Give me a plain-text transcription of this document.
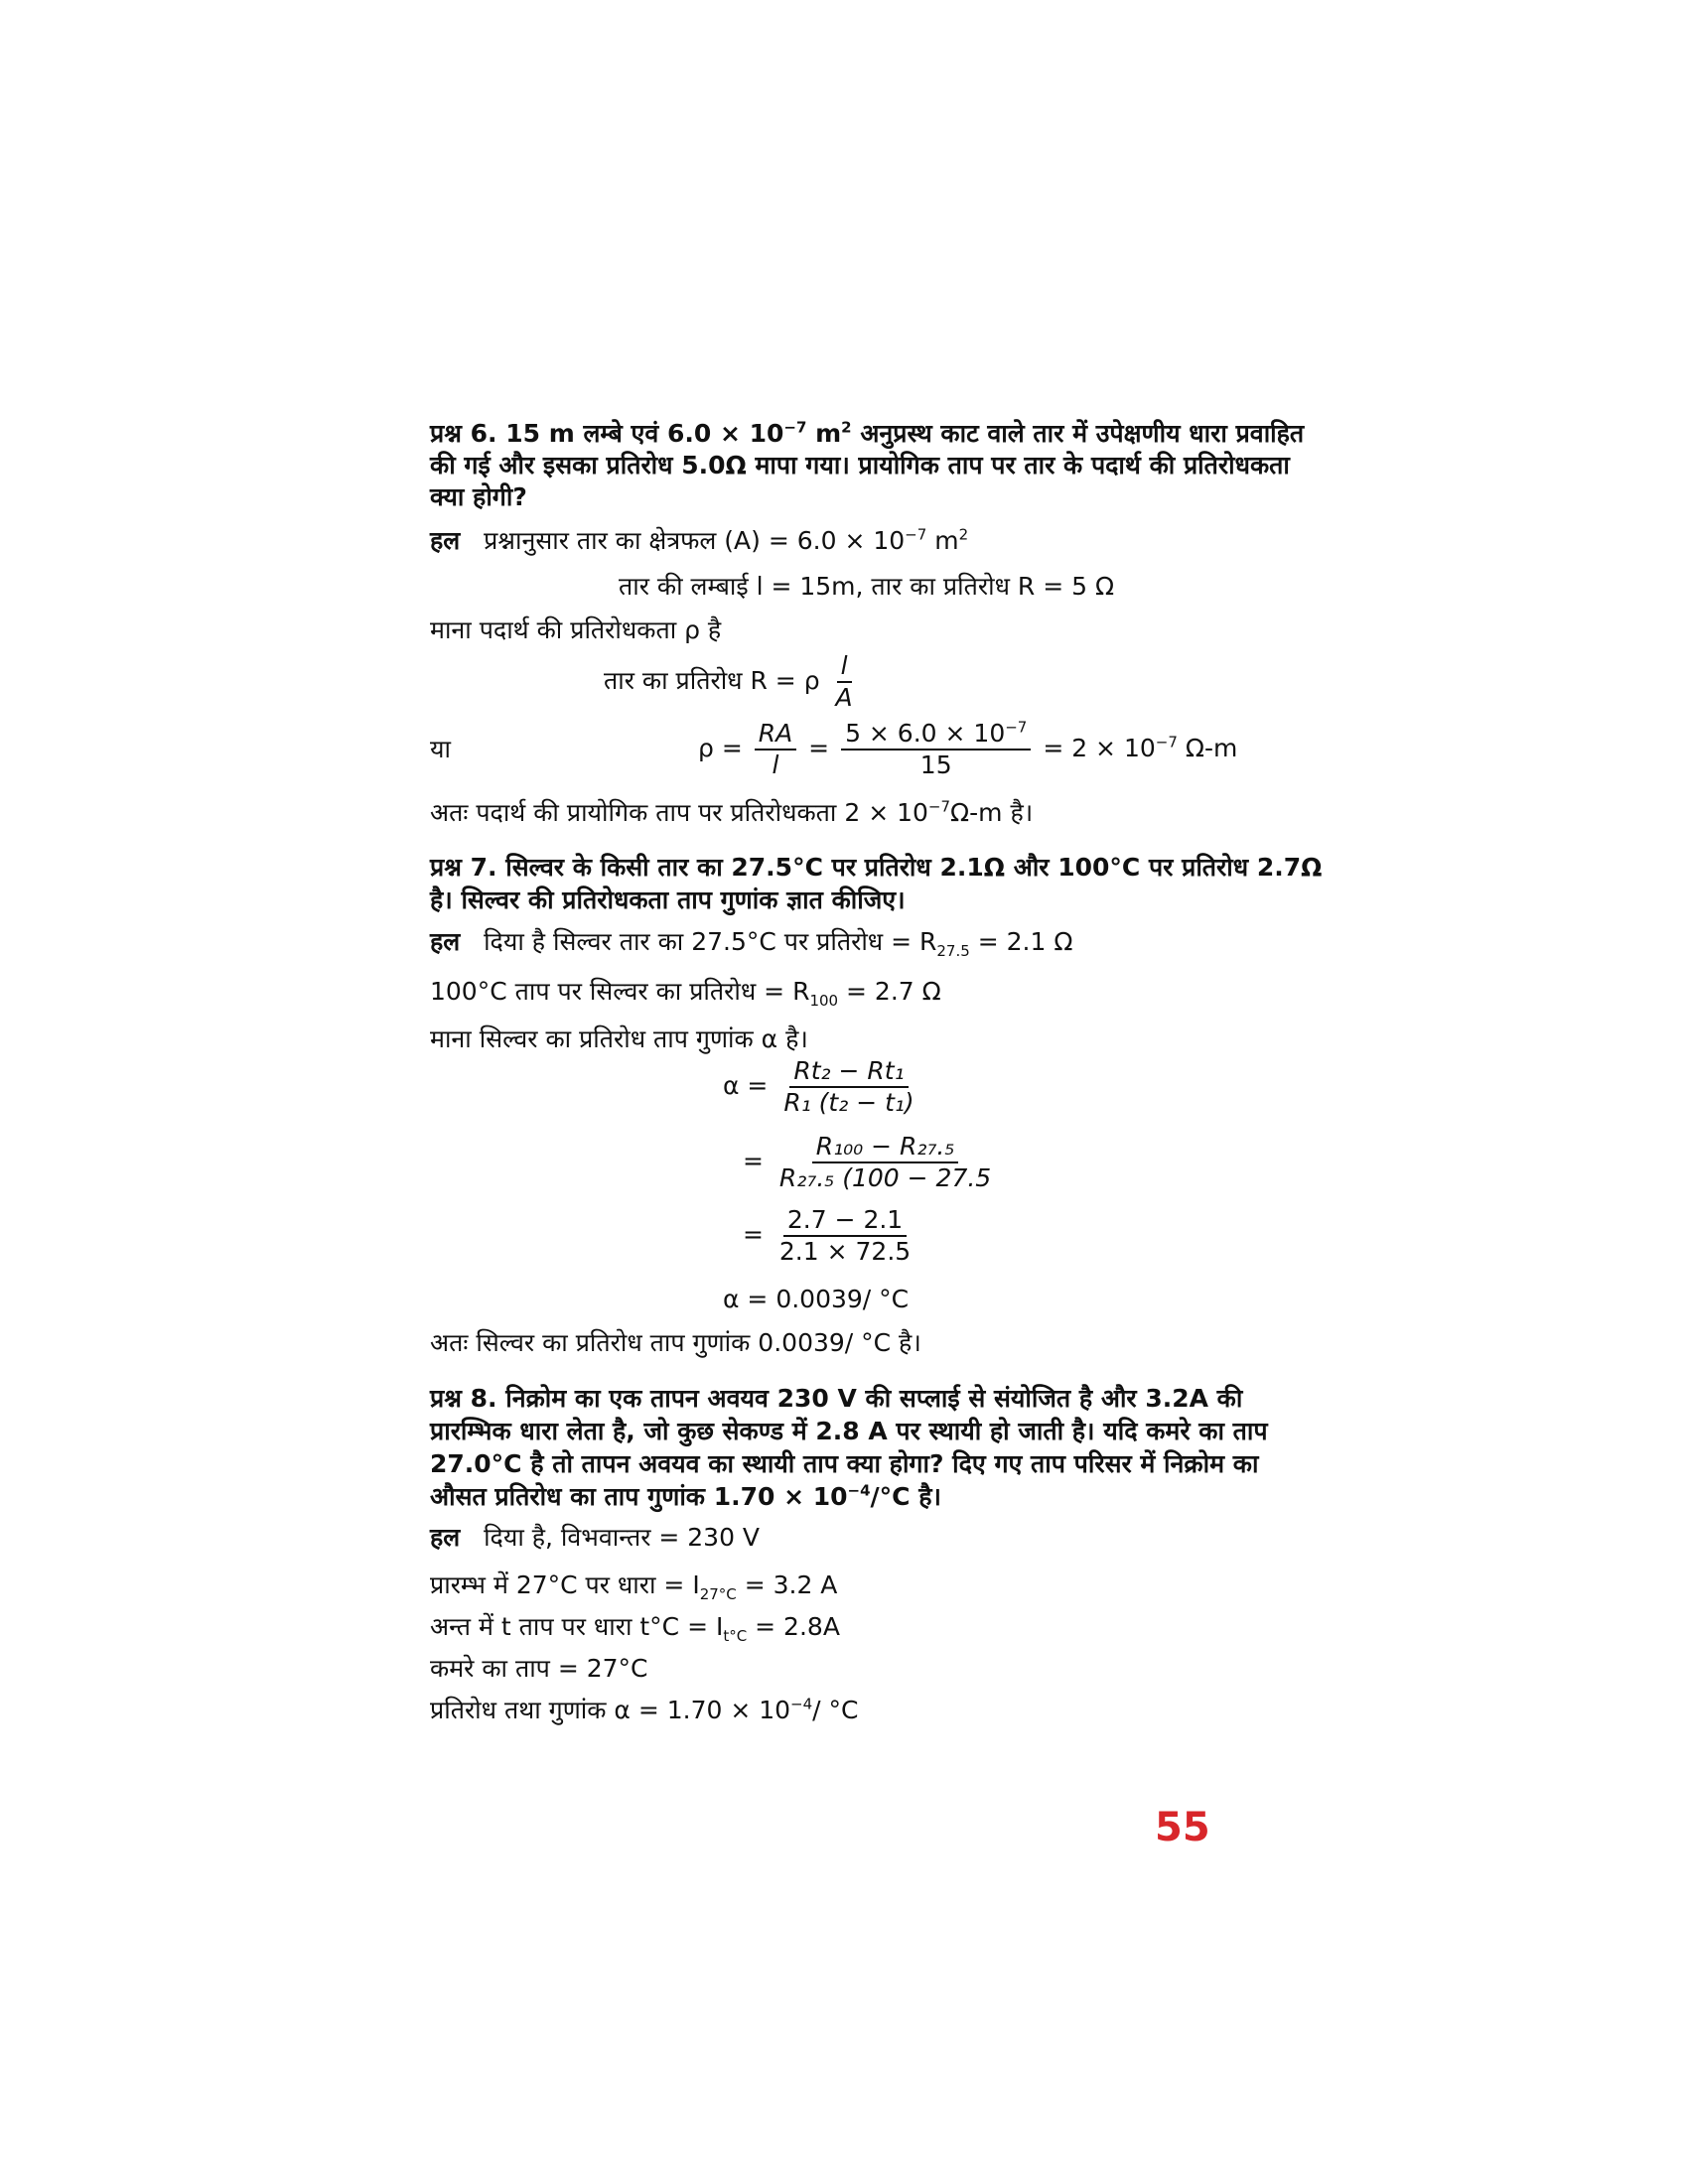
प्रश्न 6. 15 m लम्बे एवं $6.0 \times 10^{-7}$ $m^2$ अनुप्रस्थ काट वाले तार में उपेक्षणीय धारा प्रवाहित
की गई और इसका प्रतिरोध 5.0Ω मापा गया। प्रायोगिक ताप पर तार के पदार्थ की प्रतिरोधकता
क्या होगी?
हल प्रश्नानुसार तार का क्षेत्रफल $(A) = 6.0 \times 10^{-7}$ $m^2$
तार की लम्बाई l = 15m, तार का प्रतिरोध R = 5 Ω
माना पदार्थ की प्रतिरोधकता ρ है
तार का प्रतिरोध R = ρ $\frac{l}{A}$
या	$\rho = \frac{RA}{l} = \frac{5 \times 6.0 \times 10^{-7}}{15} = 2 \times 10^{-7}$ Ω-m
अतः पदार्थ की प्रायोगिक ताप पर प्रतिरोधकता $2 \times 10^{-7}\Omega-m$ है।
प्रश्न 7. सिल्वर के किसी तार का 27.5°C पर प्रतिरोध 2.1Ω और 100°C पर प्रतिरोध 2.7Ω
है। सिल्वर की प्रतिरोधकता ताप गुणांक ज्ञात कीजिए।
हल दिया है सिल्वर तार का 27.5°C पर प्रतिरोध = $R_{27.5} = 2.1$ Ω
100°C ताप पर सिल्वर का प्रतिरोध = $R_{100} = 2.7$ Ω
माना सिल्वर का प्रतिरोध ताप गुणांक α है।
$\alpha = \frac{\text{Rt₂ − Rt₁}}{\text{R₁ (t₂ − t₁)}}$
= $\frac{\text{R₁₀₀ − R₂₇.₅}}{\text{R₂₇.₅ (100 − 27.5}}$
= $\frac{2.7 - 2.1}{2.1 \times 72.5}$
α = 0.0039/ °C
अतः सिल्वर का प्रतिरोध ताप गुणांक 0.0039/ °C है।
प्रश्न 8. निक्रोम का एक तापन अवयव 230 V की सप्लाई से संयोजित है और 3.2A की
प्रारम्भिक धारा लेता है, जो कुछ सेकण्ड में 2.8 A पर स्थायी हो जाती है। यदि कमरे का ताप
27.0°C है तो तापन अवयव का स्थायी ताप क्या होगा? दिए गए ताप परिसर में निक्रोम का
औसत प्रतिरोध का ताप गुणांक $1.70 \times 10^{-4}/^\circ C$ है।
हल दिया है, विभवान्तर = 230 V
प्रारम्भ में 27°C पर धारा = $I_{27^\circ C} = 3.2$ A
अन्त में t ताप पर धारा $t^\circ C = I_{t^\circ C} = 2.8A$
कमरे का ताप = 27°C
प्रतिरोध तथा गुणांक $\alpha = 1.70 \times 10^{-4}/$ °C
55
